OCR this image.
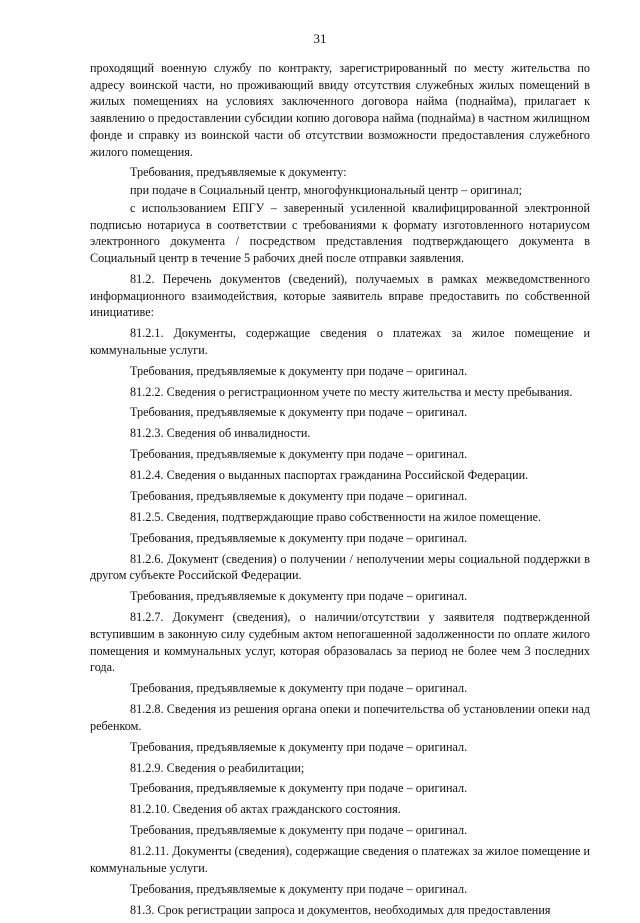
31

проходящий военную службу по контракту, зарегистрированный по месту жительства по адресу воинской части, но проживающий ввиду отсутствия служебных жилых помещений в жилых помещениях на условиях заключенного договора найма (поднайма), прилагает к заявлению о предоставлении субсидии копию договора найма (поднайма) в частном жилищном фонде и справку из воинской части об отсутствии возможности предоставления служебного жилого помещения.

Требования, предъявляемые к документу:

при подаче в Социальный центр, многофункциональный центр – оригинал;

с использованием ЕПГУ – заверенный усиленной квалифицированной электронной подписью нотариуса в соответствии с требованиями к формату изготовленного нотариусом электронного документа / посредством представления подтверждающего документа в Социальный центр в течение 5 рабочих дней после отправки заявления.

81.2. Перечень документов (сведений), получаемых в рамках межведомственного информационного взаимодействия, которые заявитель вправе предоставить по собственной инициативе:

81.2.1. Документы, содержащие сведения о платежах за жилое помещение и коммунальные услуги.

Требования, предъявляемые к документу при подаче – оригинал.

81.2.2. Сведения о регистрационном учете по месту жительства и месту пребывания.

Требования, предъявляемые к документу при подаче – оригинал.

81.2.3. Сведения об инвалидности.

Требования, предъявляемые к документу при подаче – оригинал.

81.2.4. Сведения о выданных паспортах гражданина Российской Федерации.

Требования, предъявляемые к документу при подаче – оригинал.

81.2.5. Сведения, подтверждающие право собственности на жилое помещение.

Требования, предъявляемые к документу при подаче – оригинал.

81.2.6. Документ (сведения) о получении / неполучении меры социальной поддержки в другом субъекте Российской Федерации.

Требования, предъявляемые к документу при подаче – оригинал.

81.2.7. Документ (сведения), о наличии/отсутствии у заявителя подтвержденной вступившим в законную силу судебным актом непогашенной задолженности по оплате жилого помещения и коммунальных услуг, которая образовалась за период не более чем 3 последних года.

Требования, предъявляемые к документу при подаче – оригинал.

81.2.8. Сведения из решения органа опеки и попечительства об установлении опеки над ребенком.

Требования, предъявляемые к документу при подаче – оригинал.

81.2.9. Сведения о реабилитации;

Требования, предъявляемые к документу при подаче – оригинал.

81.2.10. Сведения об актах гражданского состояния.

Требования, предъявляемые к документу при подаче – оригинал.

81.2.11. Документы (сведения), содержащие сведения о платежах за жилое помещение и коммунальные услуги.

Требования, предъявляемые к документу при подаче – оригинал.

81.3. Срок регистрации запроса и документов, необходимых для предоставления
